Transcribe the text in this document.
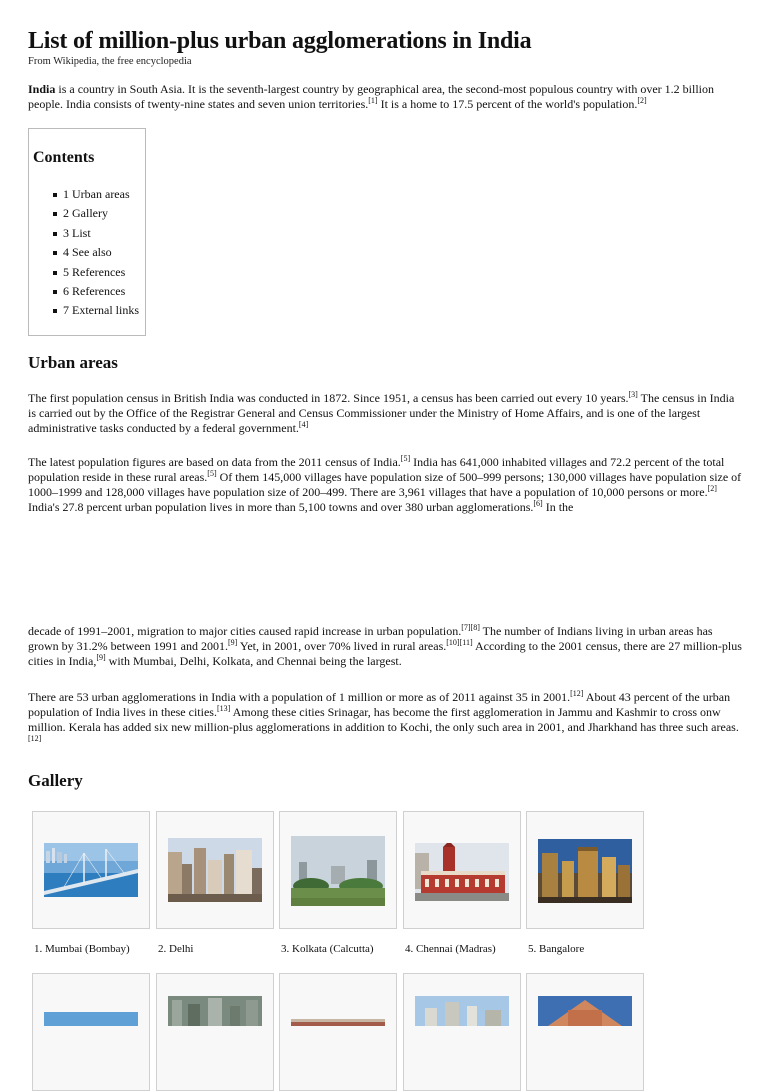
List of million-plus urban agglomerations in India
From Wikipedia, the free encyclopedia

India is a country in South Asia. It is the seventh-largest country by geographical area, the second-most populous country with over 1.2 billion people. India consists of twenty-nine states and seven union territories.[1] It is a home to 17.5 percent of the world's population.[2]

Contents
1 Urban areas
2 Gallery
3 List
4 See also
5 References
6 References
7 External links
Urban areas

The first population census in British India was conducted in 1872. Since 1951, a census has been carried out every 10 years.[3] The census in India is carried out by the Office of the Registrar General and Census Commissioner under the Ministry of Home Affairs, and is one of the largest administrative tasks conducted by a federal government.[4]

The latest population figures are based on data from the 2011 census of India.[5] India has 641,000 inhabited villages and 72.2 percent of the total population reside in these rural areas.[5] Of them 145,000 villages have population size of 500–999 persons; 130,000 villages have population size of 1000–1999 and 128,000 villages have population size of 200–499. There are 3,961 villages that have a population of 10,000 persons or more.[2] India's 27.8 percent urban population lives in more than 5,100 towns and over 380 urban agglomerations.[6] In the

decade of 1991–2001, migration to major cities caused rapid increase in urban population.[7][8] The number of Indians living in urban areas has grown by 31.2% between 1991 and 2001.[9] Yet, in 2001, over 70% lived in rural areas.[10][11] According to the 2001 census, there are 27 million-plus cities in India,[9] with Mumbai, Delhi, Kolkata, and Chennai being the largest.

There are 53 urban agglomerations in India with a population of 1 million or more as of 2011 against 35 in 2001.[12] About 43 percent of the urban population of India lives in these cities.[13] Among these cities Srinagar, has become the first agglomeration in Jammu and Kashmir to cross onw million. Kerala has added six new million-plus agglomerations in addition to Kochi, the only such area in 2001, and Jharkhand has three such areas.[12]

Gallery
1. Mumbai (Bombay)	2. Delhi	3. Kolkata (Calcutta)	4. Chennai (Madras)	5. Bangalore
